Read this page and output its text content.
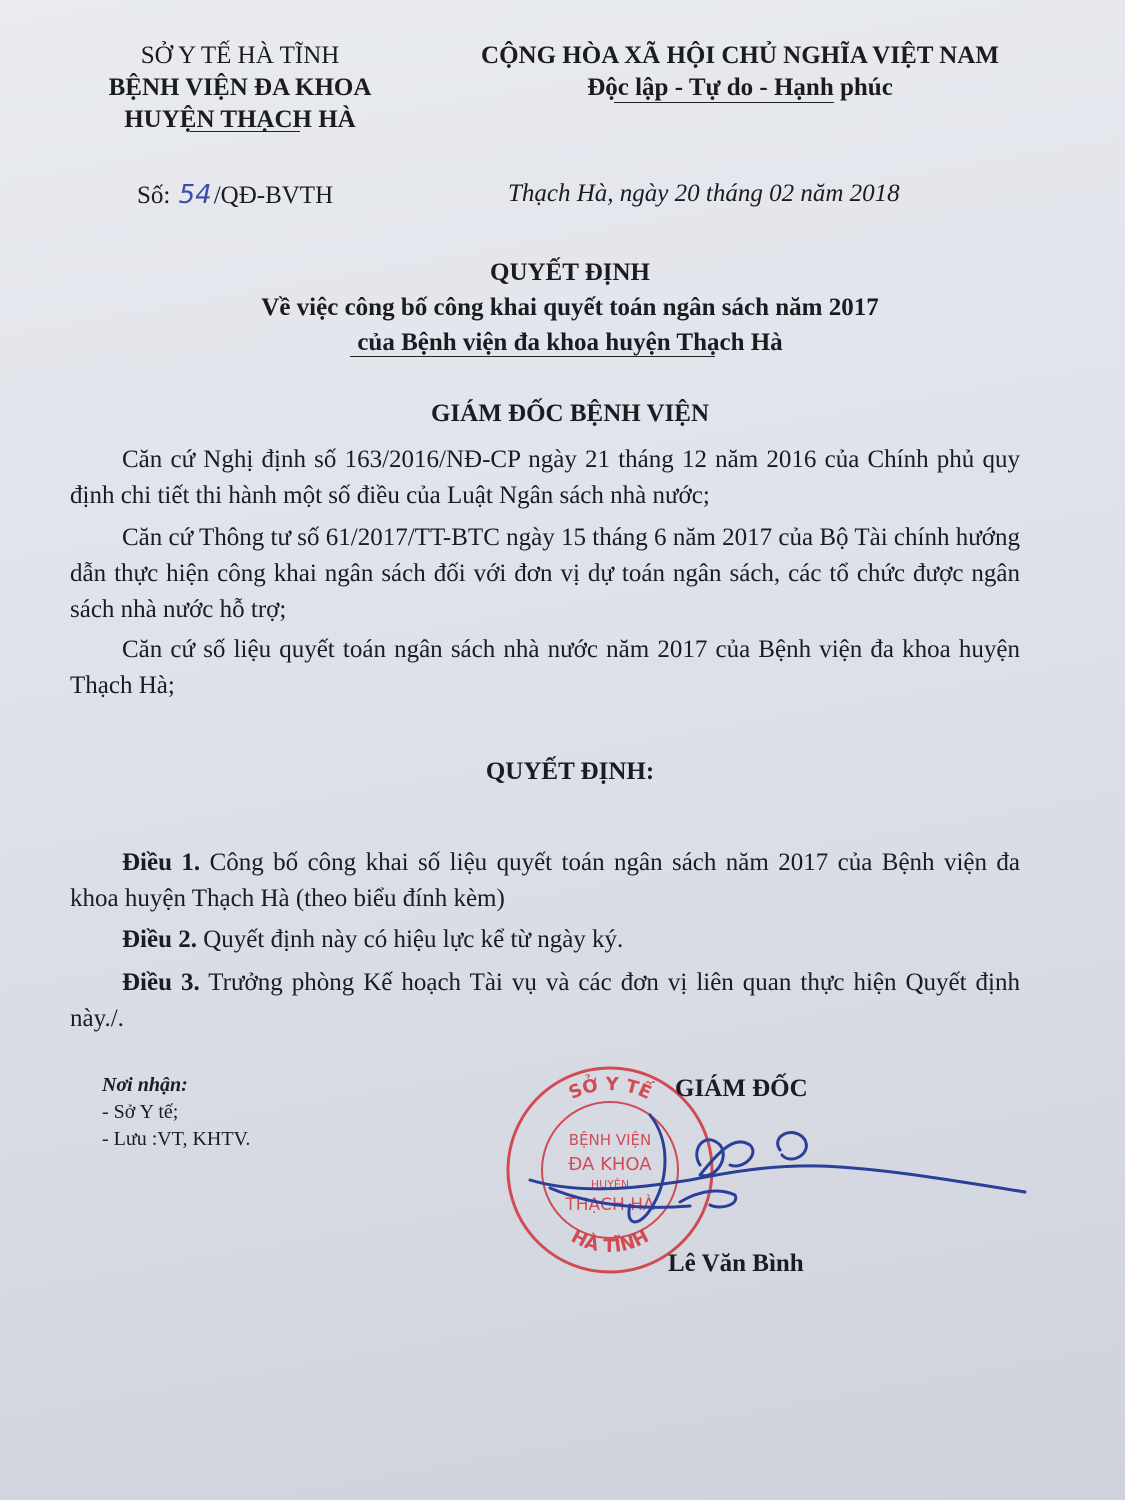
SỞ Y TẾ HÀ TĨNH
BỆNH VIỆN ĐA KHOA
HUYỆN THẠCH HÀ
CỘNG HÒA XÃ HỘI CHỦ NGHĨA VIỆT NAM
Độc lập - Tự do - Hạnh phúc
Số: 54/QĐ-BVTH	Thạch Hà, ngày 20 tháng 02 năm 2018
QUYẾT ĐỊNH
Về việc công bố công khai quyết toán ngân sách năm 2017
của Bệnh viện đa khoa huyện Thạch Hà
GIÁM ĐỐC BỆNH VIỆN
Căn cứ Nghị định số 163/2016/NĐ-CP ngày 21 tháng 12 năm 2016 của Chính phủ quy định chi tiết thi hành một số điều của Luật Ngân sách nhà nước;
Căn cứ Thông tư số 61/2017/TT-BTC ngày 15 tháng 6 năm 2017 của Bộ Tài chính hướng dẫn thực hiện công khai ngân sách đối với đơn vị dự toán ngân sách, các tổ chức được ngân sách nhà nước hỗ trợ;
Căn cứ số liệu quyết toán ngân sách nhà nước năm 2017 của Bệnh viện đa khoa huyện Thạch Hà;
QUYẾT ĐỊNH:
Điều 1. Công bố công khai số liệu quyết toán ngân sách năm 2017 của Bệnh viện đa khoa huyện Thạch Hà (theo biểu đính kèm)
Điều 2. Quyết định này có hiệu lực kể từ ngày ký.
Điều 3. Trưởng phòng Kế hoạch Tài vụ và các đơn vị liên quan thực hiện Quyết định này./.
Nơi nhận:
- Sở Y tế;
- Lưu :VT, KHTV.
SỞ Y TẾ
HÀ TĨNH
BỆNH VIỆN
ĐA KHOA
HUYỆN
THẠCH HÀ
GIÁM ĐỐC
Lê Văn Bình
